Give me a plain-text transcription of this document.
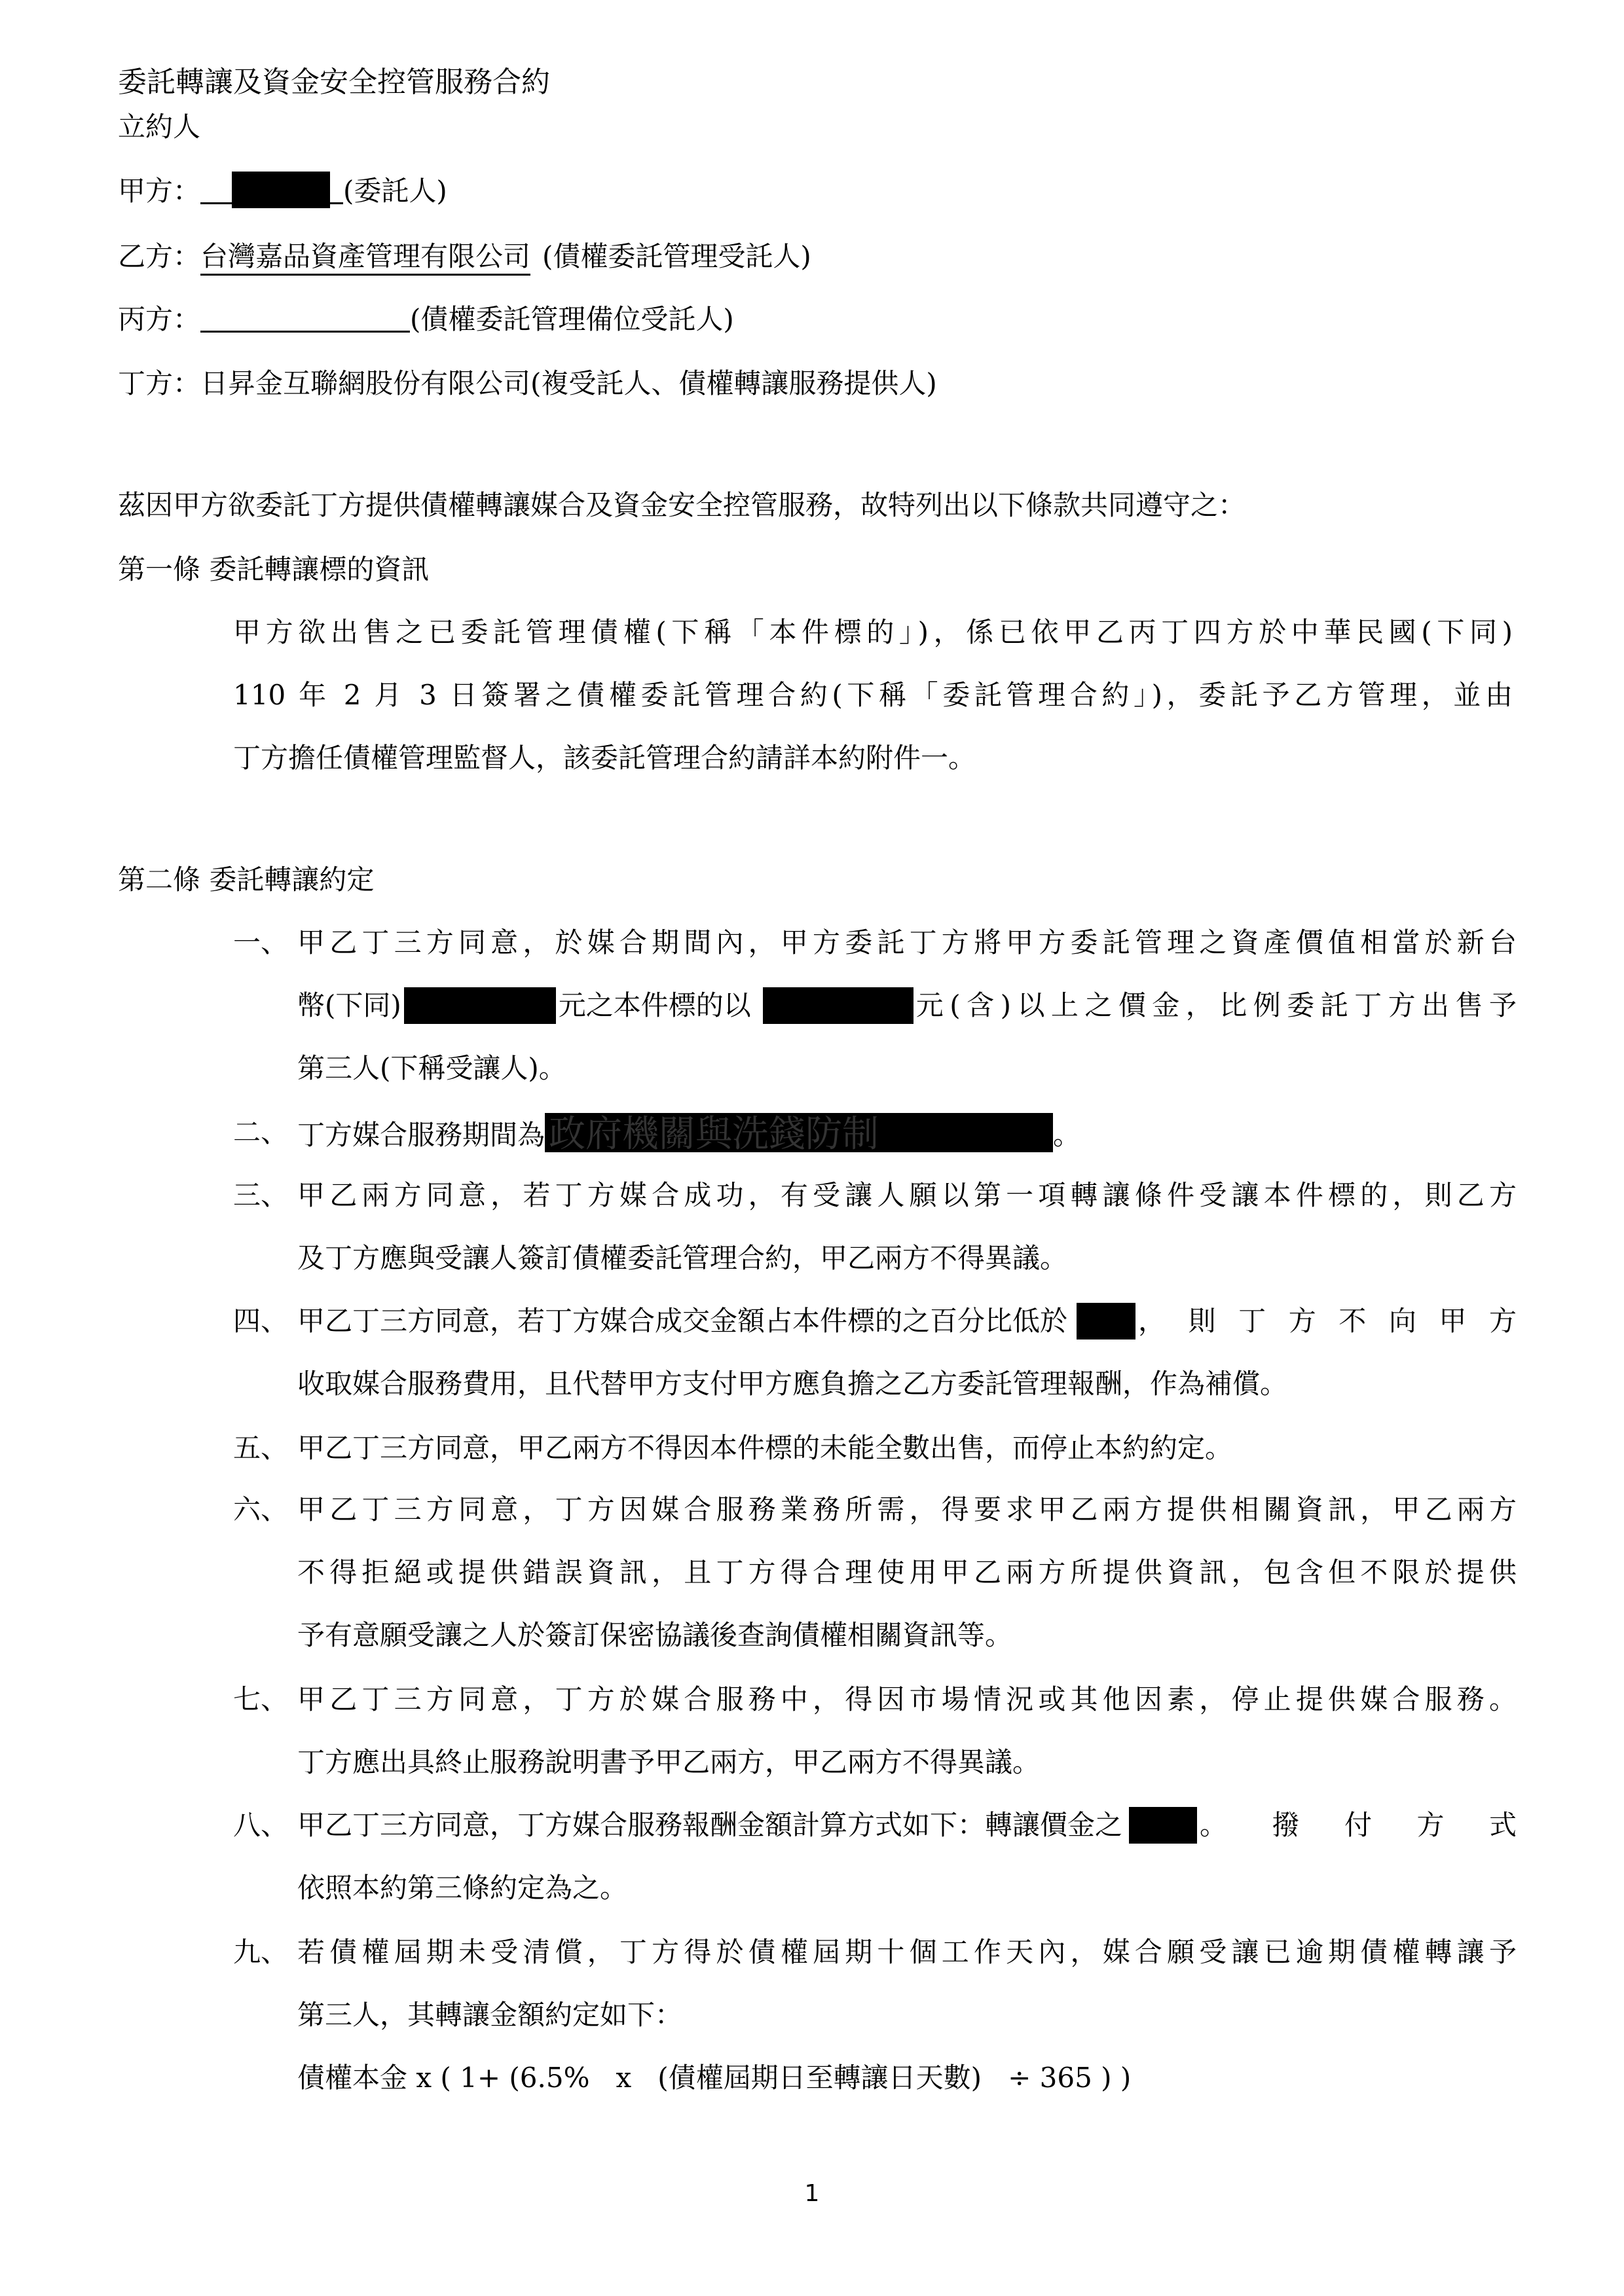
委託轉讓及資金安全控管服務合約
立約人
甲方：	(委託人)
乙方：台灣嘉品資產管理有限公司 (債權委託管理受託人)
丙方：	(債權委託管理備位受託人)
丁方：日昇金互聯網股份有限公司(複受託人、債權轉讓服務提供人)
茲因甲方欲委託丁方提供債權轉讓媒合及資金安全控管服務，故特列出以下條款共同遵守之：
第一條 委託轉讓標的資訊
甲方欲出售之已委託管理債權(下稱「本件標的」)，係已依甲乙丙丁四方於中華民國(下同)
110 年 2 月 3 日簽署之債權委託管理合約(下稱「委託管理合約」)，委託予乙方管理，並由
丁方擔任債權管理監督人，該委託管理合約請詳本約附件一。
第二條 委託轉讓約定
一、 甲乙丁三方同意，於媒合期間內，甲方委託丁方將甲方委託管理之資產價值相當於新台
幣(下同)	元之本件標的以	元(含)以上之價金，比例委託丁方出售予
第三人(下稱受讓人)。
二、 丁方媒合服務期間為 政府機關與洗錢防制	。
三、 甲乙兩方同意，若丁方媒合成功，有受讓人願以第一項轉讓條件受讓本件標的，則乙方
及丁方應與受讓人簽訂債權委託管理合約，甲乙兩方不得異議。
四、 甲乙丁三方同意，若丁方媒合成交金額占本件標的之百分比低於	，則丁方不向甲方
收取媒合服務費用，且代替甲方支付甲方應負擔之乙方委託管理報酬，作為補償。
五、 甲乙丁三方同意，甲乙兩方不得因本件標的未能全數出售，而停止本約約定。
六、 甲乙丁三方同意，丁方因媒合服務業務所需，得要求甲乙兩方提供相關資訊，甲乙兩方
不得拒絕或提供錯誤資訊，且丁方得合理使用甲乙兩方所提供資訊，包含但不限於提供
予有意願受讓之人於簽訂保密協議後查詢債權相關資訊等。
七、 甲乙丁三方同意，丁方於媒合服務中，得因市場情況或其他因素，停止提供媒合服務。
丁方應出具終止服務說明書予甲乙兩方，甲乙兩方不得異議。
八、 甲乙丁三方同意，丁方媒合服務報酬金額計算方式如下：轉讓價金之	。撥付方式
依照本約第三條約定為之。
九、 若債權屆期未受清償，丁方得於債權屆期十個工作天內，媒合願受讓已逾期債權轉讓予
第三人，其轉讓金額約定如下：
債權本金 x ( 1+ (6.5%   x   (債權屆期日至轉讓日天數)   ÷ 365 ) )
1
